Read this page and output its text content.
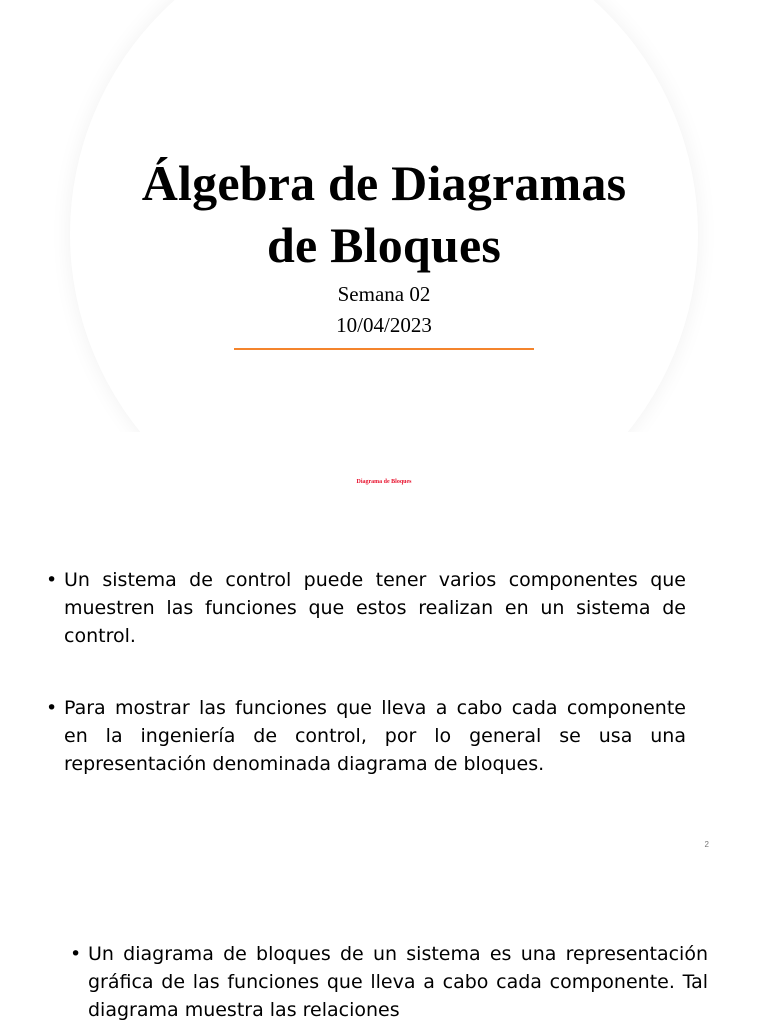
Álgebra de Diagramas
de Bloques
Semana 02
10/04/2023
Diagrama de Bloques
• Un sistema de control puede tener varios componentes que muestren las funciones que estos realizan en un sistema de control.
• Para mostrar las funciones que lleva a cabo cada componente en la ingeniería de control, por lo general se usa una representación denominada diagrama de bloques.
2
• Un diagrama de bloques de un sistema es una representación gráfica de las funciones que lleva a cabo cada componente. Tal diagrama muestra las relaciones
